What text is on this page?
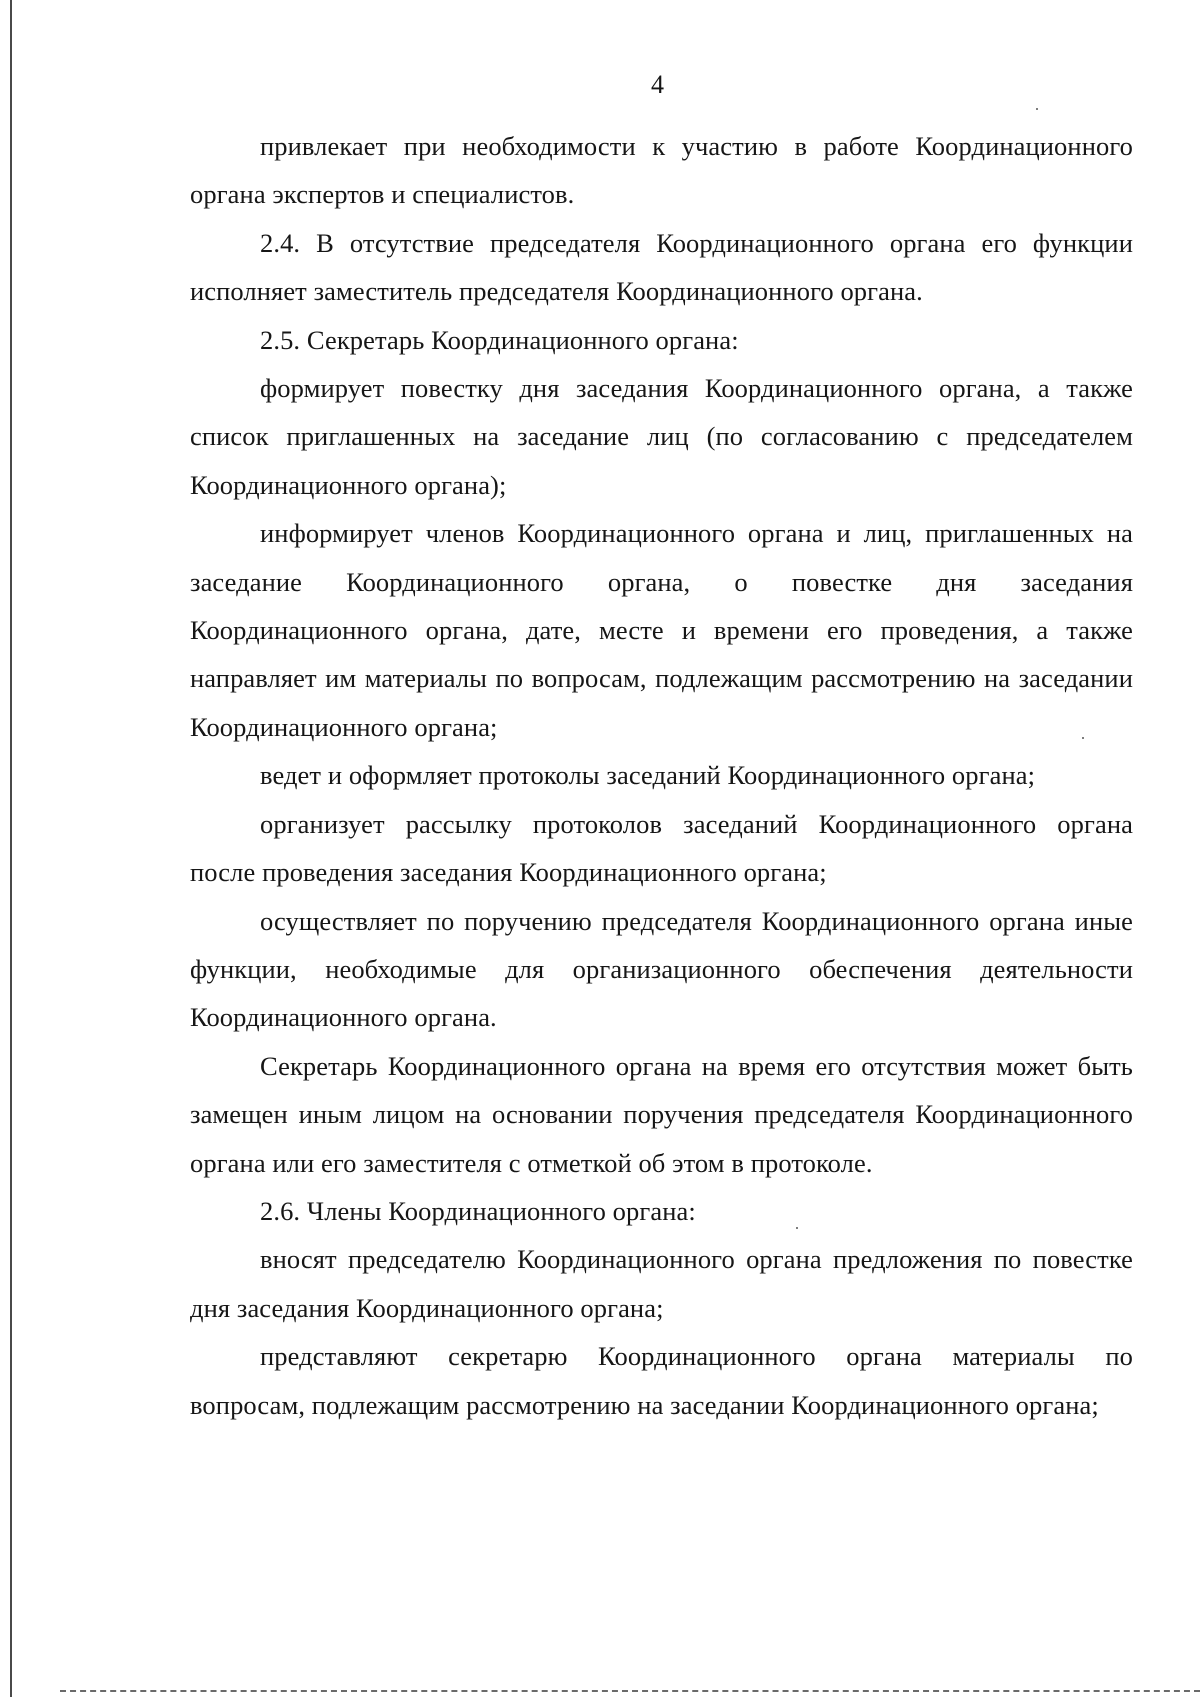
4

привлекает при необходимости к участию в работе Координационного органа экспертов и специалистов.

2.4. В отсутствие председателя Координационного органа его функции исполняет заместитель председателя Координационного органа.

2.5. Секретарь Координационного органа:

формирует повестку дня заседания Координационного органа, а также список приглашенных на заседание лиц (по согласованию с председателем Координационного органа);

информирует членов Координационного органа и лиц, приглашенных на заседание Координационного органа, о повестке дня заседания Координационного органа, дате, месте и времени его проведения, а также направляет им материалы по вопросам, подлежащим рассмотрению на заседании Координационного органа;

ведет и оформляет протоколы заседаний Координационного органа;

организует рассылку протоколов заседаний Координационного органа после проведения заседания Координационного органа;

осуществляет по поручению председателя Координационного органа иные функции, необходимые для организационного обеспечения деятельности Координационного органа.

Секретарь Координационного органа на время его отсутствия может быть замещен иным лицом на основании поручения председателя Координационного органа или его заместителя с отметкой об этом в протоколе.

2.6. Члены Координационного органа:

вносят председателю Координационного органа предложения по повестке дня заседания Координационного органа;

представляют секретарю Координационного органа материалы по вопросам, подлежащим рассмотрению на заседании Координационного органа;
